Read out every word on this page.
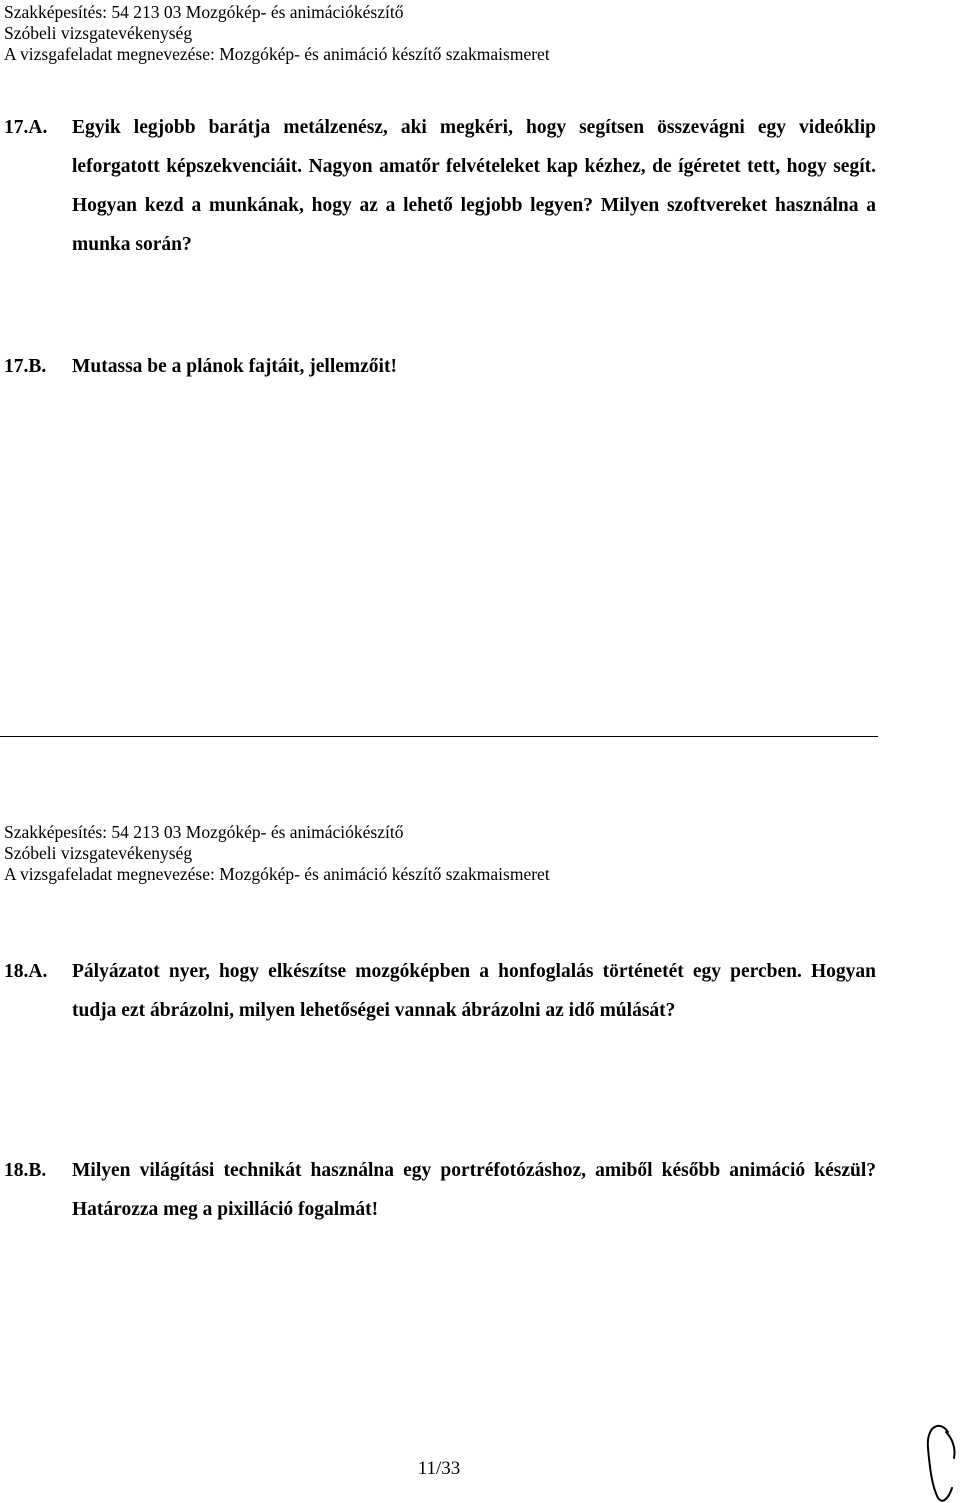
Szakképesítés: 54 213 03 Mozgókép- és animációkészítő
Szóbeli vizsgatevékenység
A vizsgafeladat megnevezése: Mozgókép- és animáció készítő szakmaismeret
17.A. Egyik legjobb barátja metálzenész, aki megkéri, hogy segítsen összevágni egy videóklip leforgatott képszekvenciáit. Nagyon amatőr felvételeket kap kézhez, de ígéretet tett, hogy segít. Hogyan kezd a munkának, hogy az a lehető legjobb legyen? Milyen szoftvereket használna a munka során?
17.B. Mutassa be a plánok fajtáit, jellemzőit!
Szakképesítés: 54 213 03 Mozgókép- és animációkészítő
Szóbeli vizsgatevékenység
A vizsgafeladat megnevezése: Mozgókép- és animáció készítő szakmaismeret
18.A. Pályázatot nyer, hogy elkészítse mozgóképben a honfoglalás történetét egy percben. Hogyan tudja ezt ábrázolni, milyen lehetőségei vannak ábrázolni az idő múlását?
18.B. Milyen világítási technikát használna egy portréfotózáshoz, amiből később animáció készül? Határozza meg a pixilláció fogalmát!
11/33
